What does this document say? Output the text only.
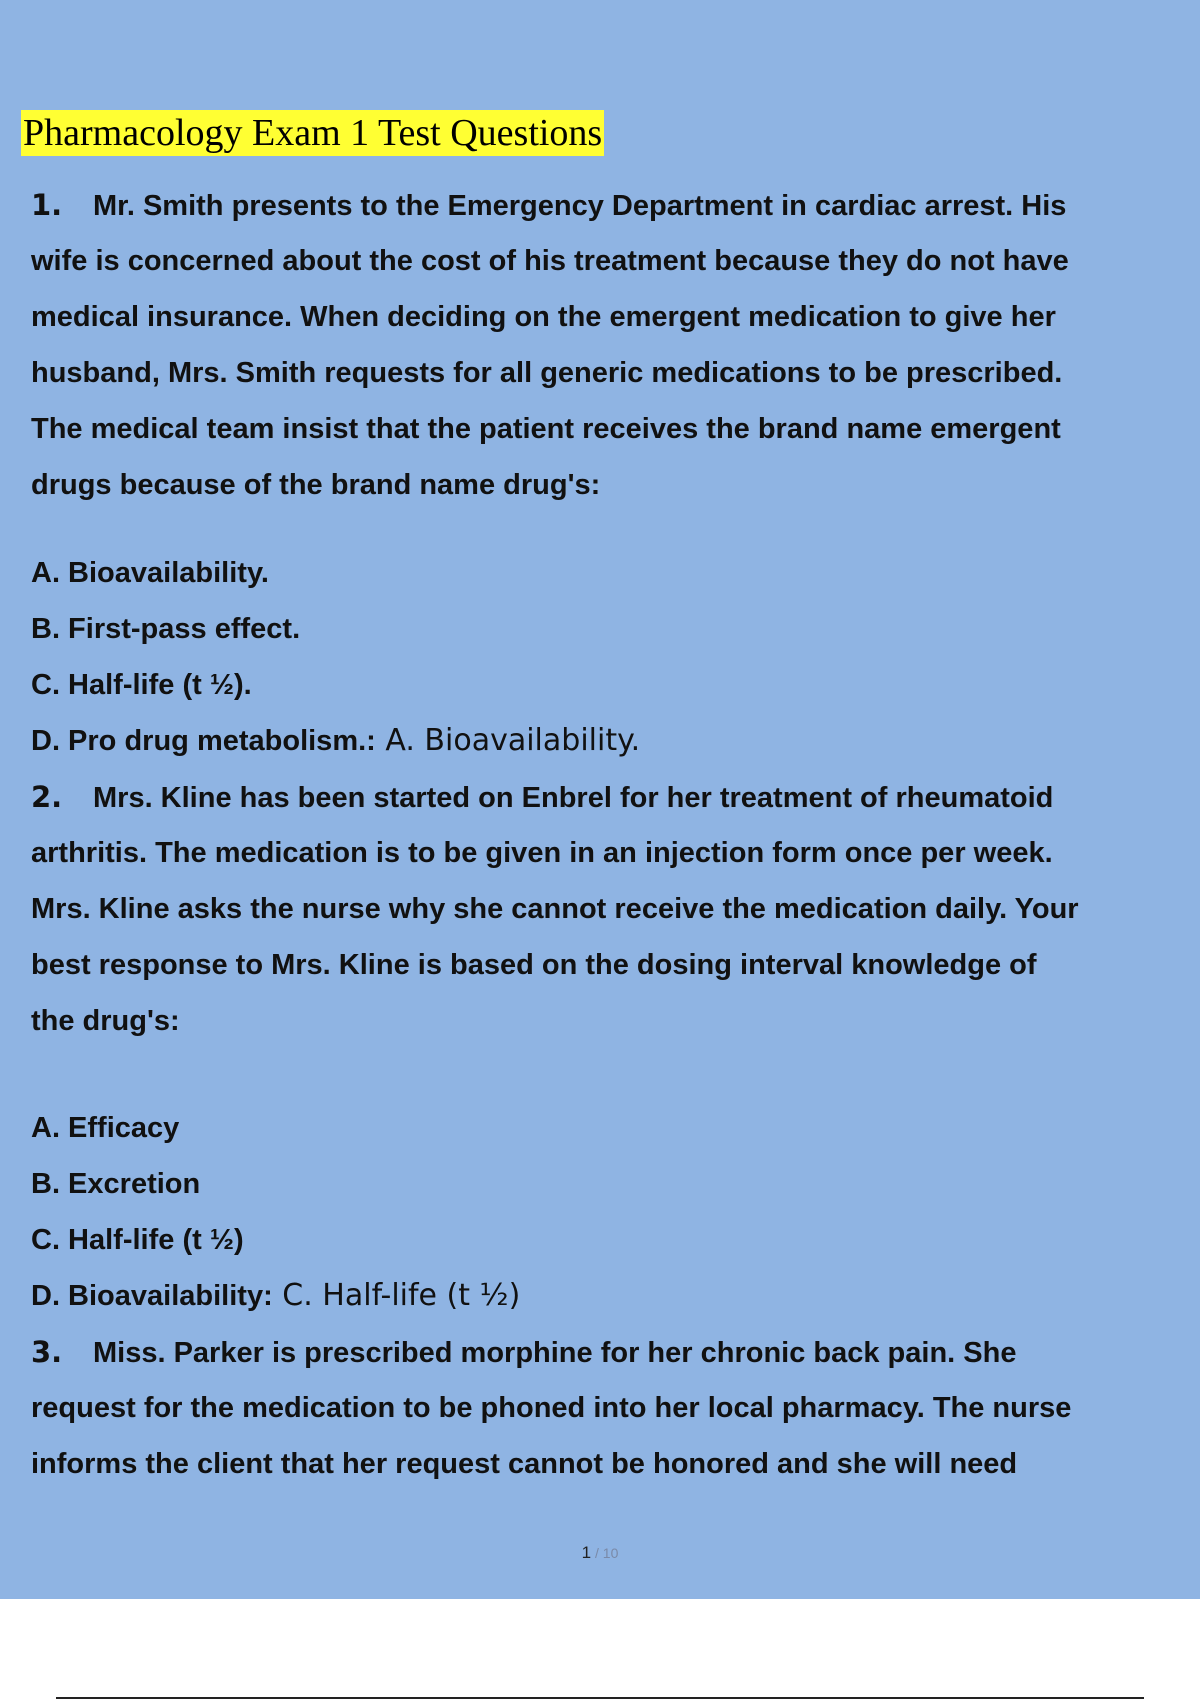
Pharmacology Exam 1 Test Questions

1. Mr. Smith presents to the Emergency Department in cardiac arrest. His

wife is concerned about the cost of his treatment because they do not have

medical insurance. When deciding on the emergent medication to give her

husband, Mrs. Smith requests for all generic medications to be prescribed.

The medical team insist that the patient receives the brand name emergent

drugs because of the brand name drug's:

A. Bioavailability.

B. First-pass effect.

C. Half-life (t ½).

D. Pro drug metabolism.: A. Bioavailability.

2. Mrs. Kline has been started on Enbrel for her treatment of rheumatoid

arthritis. The medication is to be given in an injection form once per week.

Mrs. Kline asks the nurse why she cannot receive the medication daily. Your

best response to Mrs. Kline is based on the dosing interval knowledge of

the drug's:

A. Efficacy

B. Excretion

C. Half-life (t ½)

D. Bioavailability: C. Half-life (t ½)

3. Miss. Parker is prescribed morphine for her chronic back pain. She

request for the medication to be phoned into her local pharmacy. The nurse

informs the client that her request cannot be honored and she will need

1 / 10
